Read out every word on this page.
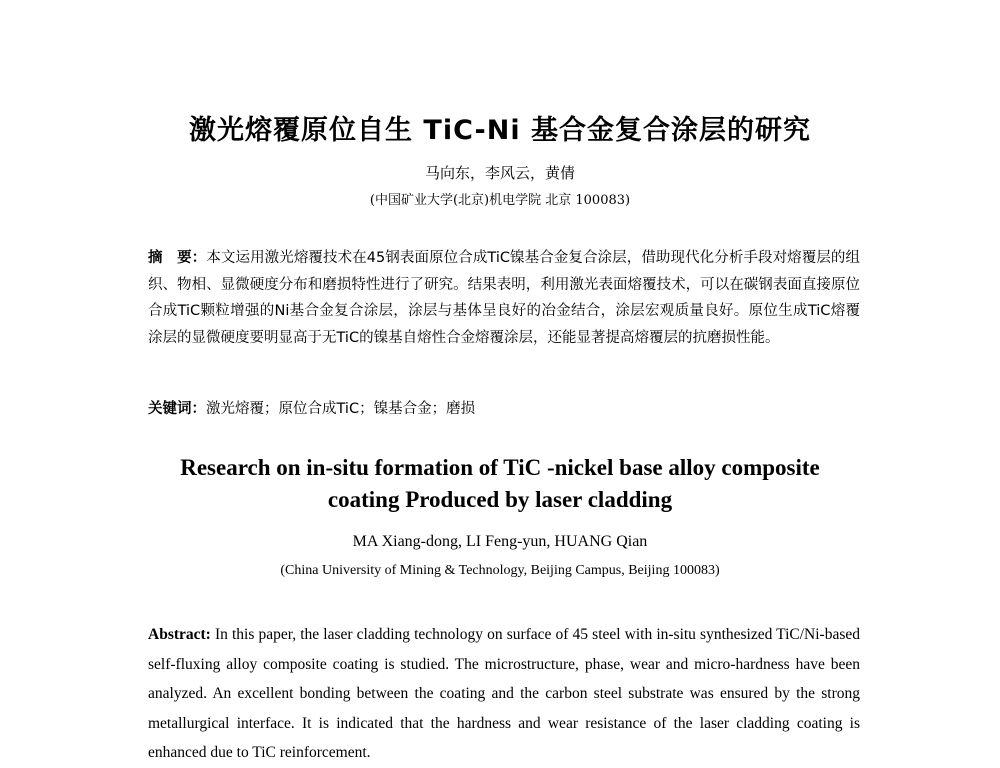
激光熔覆原位自生 TiC-Ni 基合金复合涂层的研究
马向东，李风云，黄倩
(中国矿业大学(北京)机电学院 北京 100083)
摘　要：本文运用激光熔覆技术在45钢表面原位合成TiC镍基合金复合涂层，借助现代化分析手段对熔覆层的组织、物相、显微硬度分布和磨损特性进行了研究。结果表明，利用激光表面熔覆技术，可以在碳钢表面直接原位合成TiC颗粒增强的Ni基合金复合涂层，涂层与基体呈良好的冶金结合，涂层宏观质量良好。原位生成TiC熔覆涂层的显微硬度要明显高于无TiC的镍基自熔性合金熔覆涂层，还能显著提高熔覆层的抗磨损性能。
关键词：激光熔覆；原位合成TiC；镍基合金；磨损
Research on in-situ formation of TiC -nickel base alloy composite
coating Produced by laser cladding
MA Xiang-dong, LI Feng-yun, HUANG Qian
(China University of Mining & Technology, Beijing Campus, Beijing 100083)
Abstract: In this paper, the laser cladding technology on surface of 45 steel with in-situ synthesized TiC/Ni-based self-fluxing alloy composite coating is studied. The microstructure, phase, wear and micro-hardness have been analyzed. An excellent bonding between the coating and the carbon steel substrate was ensured by the strong metallurgical interface. It is indicated that the hardness and wear resistance of the laser cladding coating is enhanced due to TiC reinforcement.
